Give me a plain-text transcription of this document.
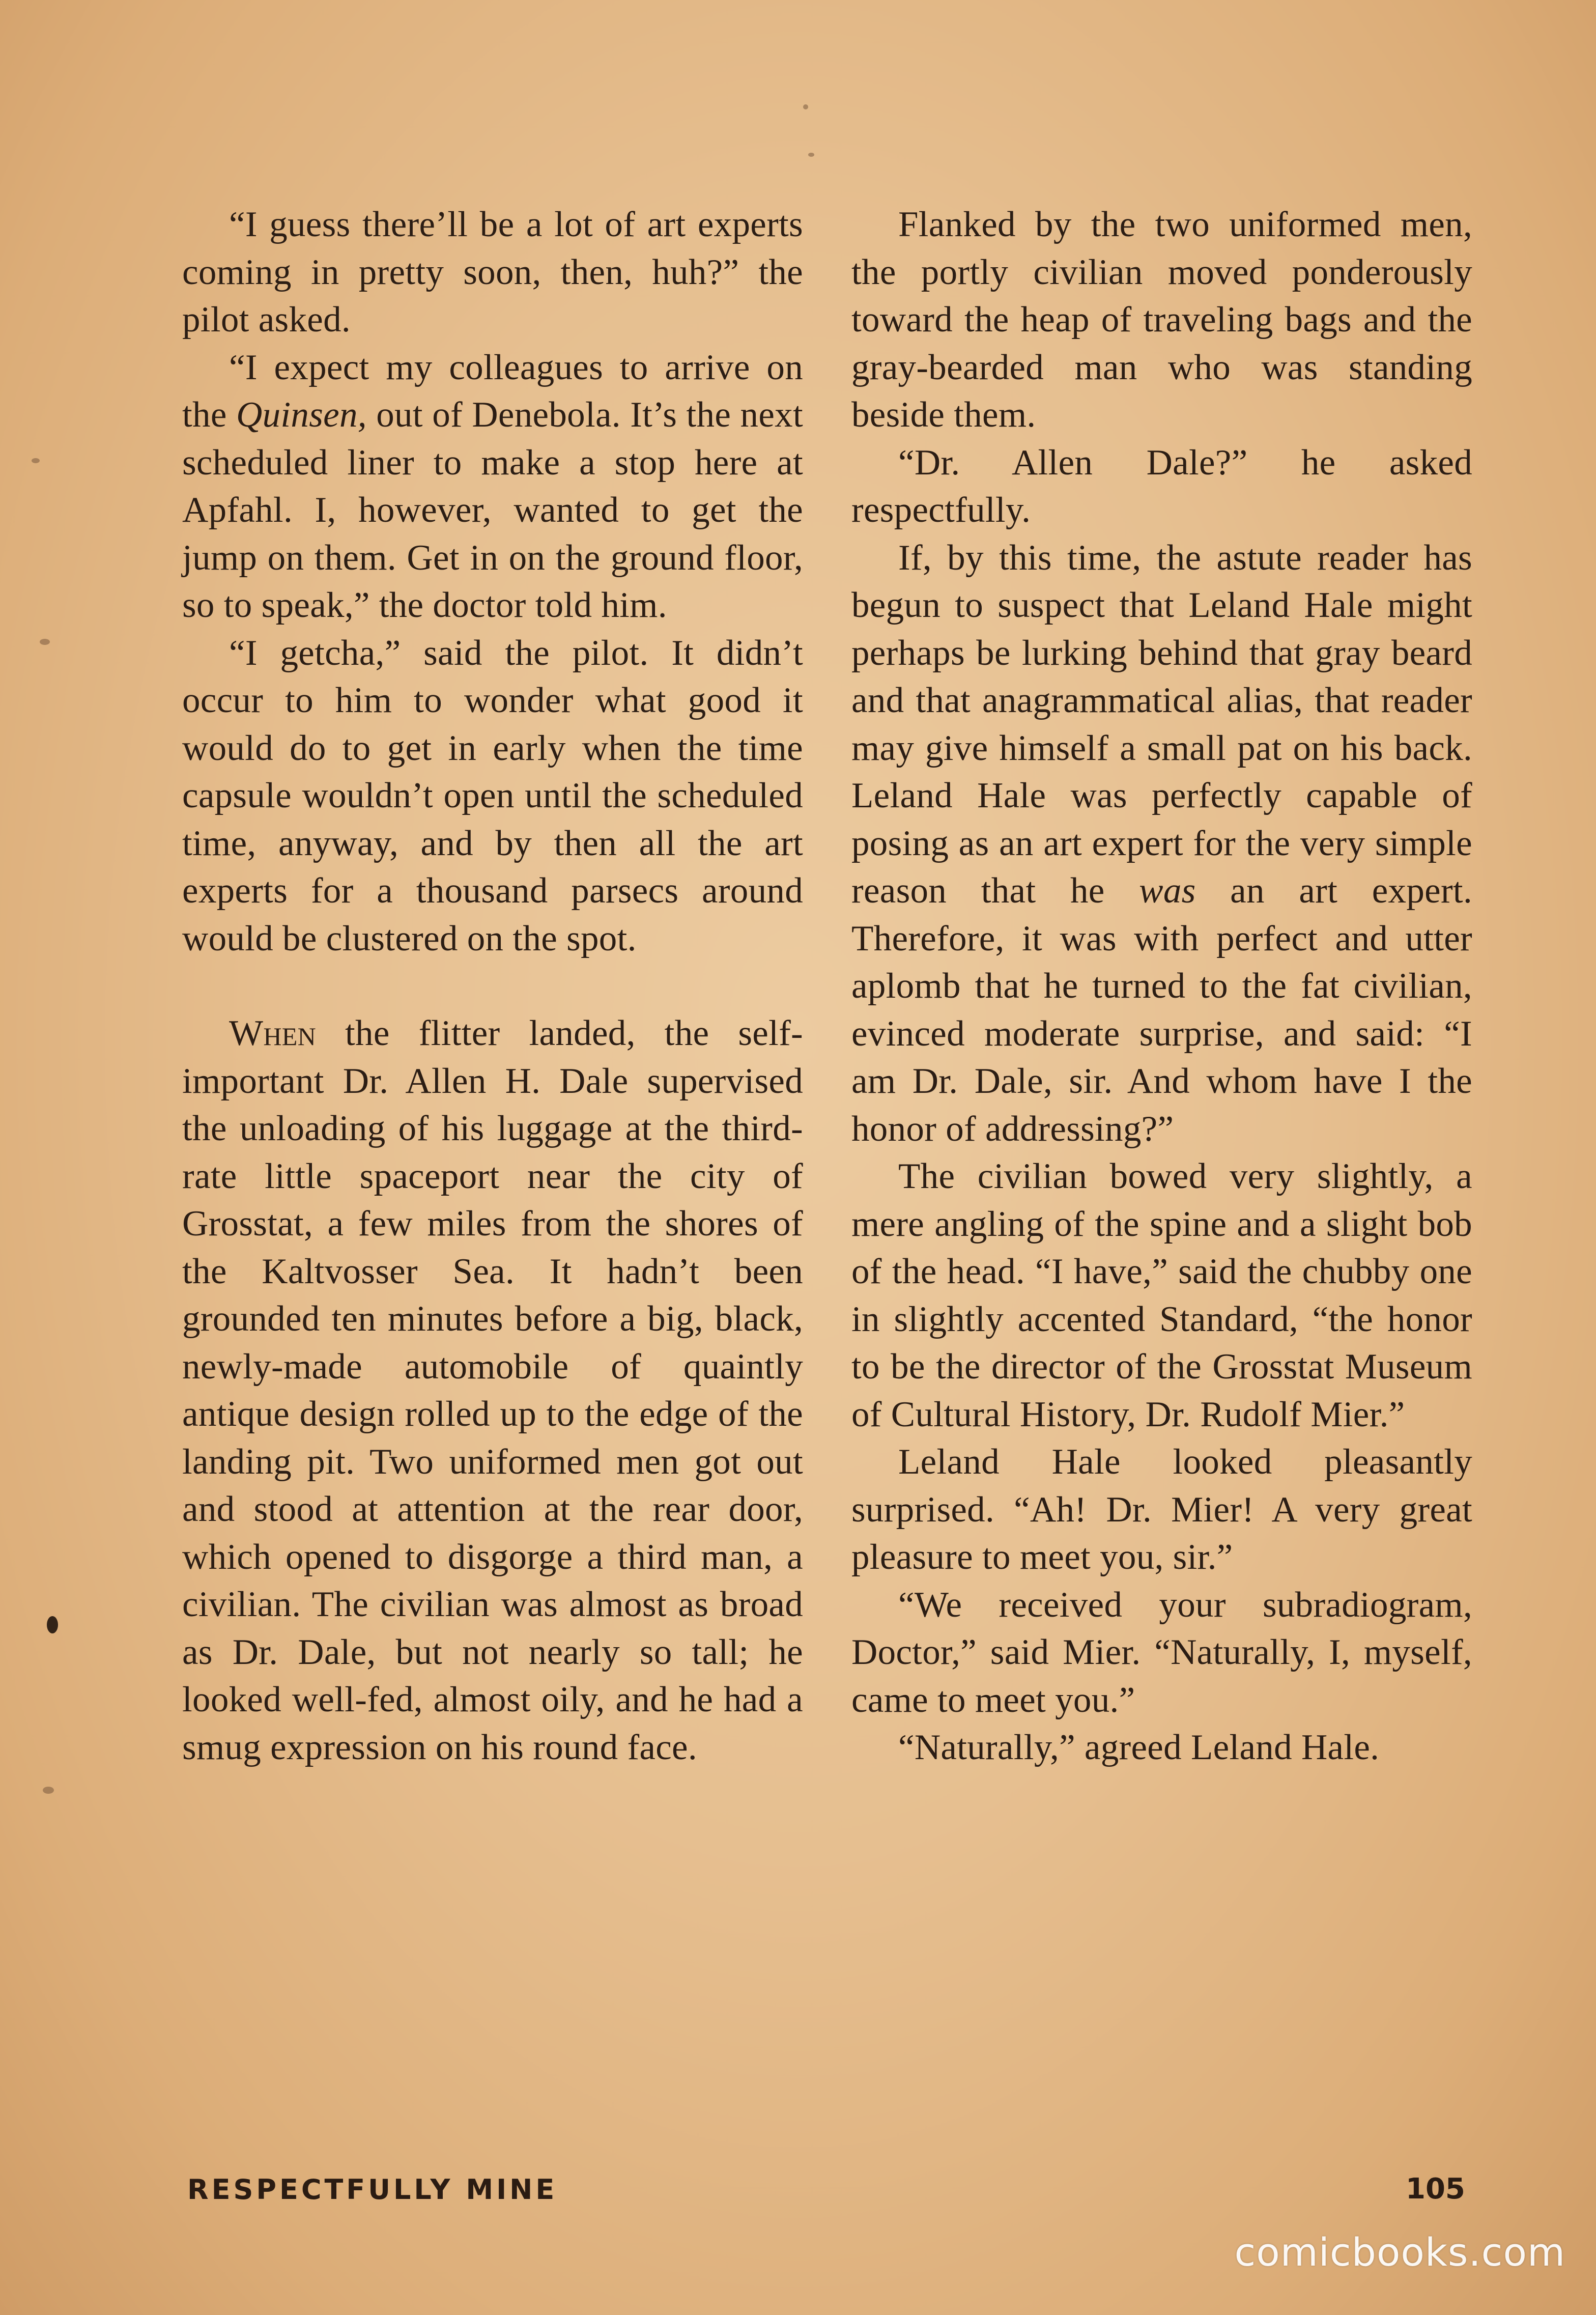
“I guess there’ll be a lot of art experts coming in pretty soon, then, huh?” the pilot asked.

“I expect my colleagues to arrive on the Quinsen, out of Denebola. It’s the next scheduled liner to make a stop here at Apfahl. I, however, wanted to get the jump on them. Get in on the ground floor, so to speak,” the doctor told him.

“I getcha,” said the pilot. It didn’t occur to him to wonder what good it would do to get in early when the time capsule wouldn’t open until the scheduled time, anyway, and by then all the art experts for a thousand parsecs around would be clustered on the spot.

When the flitter landed, the self-important Dr. Allen H. Dale supervised the unloading of his luggage at the third-rate little spaceport near the city of Grosstat, a few miles from the shores of the Kaltvosser Sea. It hadn’t been grounded ten minutes before a big, black, newly-made automobile of quaintly antique design rolled up to the edge of the landing pit. Two uniformed men got out and stood at attention at the rear door, which opened to disgorge a third man, a civilian. The civilian was almost as broad as Dr. Dale, but not nearly so tall; he looked well-fed, almost oily, and he had a smug expression on his round face.

Flanked by the two uniformed men, the portly civilian moved ponderously toward the heap of traveling bags and the gray-bearded man who was standing beside them.

“Dr. Allen Dale?” he asked respectfully.

If, by this time, the astute reader has begun to suspect that Leland Hale might perhaps be lurking behind that gray beard and that anagrammatical alias, that reader may give himself a small pat on his back. Leland Hale was perfectly capable of posing as an art expert for the very simple reason that he was an art expert. Therefore, it was with perfect and utter aplomb that he turned to the fat civilian, evinced moderate surprise, and said: “I am Dr. Dale, sir. And whom have I the honor of addressing?”

The civilian bowed very slightly, a mere angling of the spine and a slight bob of the head. “I have,” said the chubby one in slightly accented Standard, “the honor to be the director of the Grosstat Museum of Cultural History, Dr. Rudolf Mier.”

Leland Hale looked pleasantly surprised. “Ah! Dr. Mier! A very great pleasure to meet you, sir.”

“We received your subradiogram, Doctor,” said Mier. “Naturally, I, myself, came to meet you.”

“Naturally,” agreed Leland Hale.

RESPECTFULLY MINE	105
comicbooks.com
